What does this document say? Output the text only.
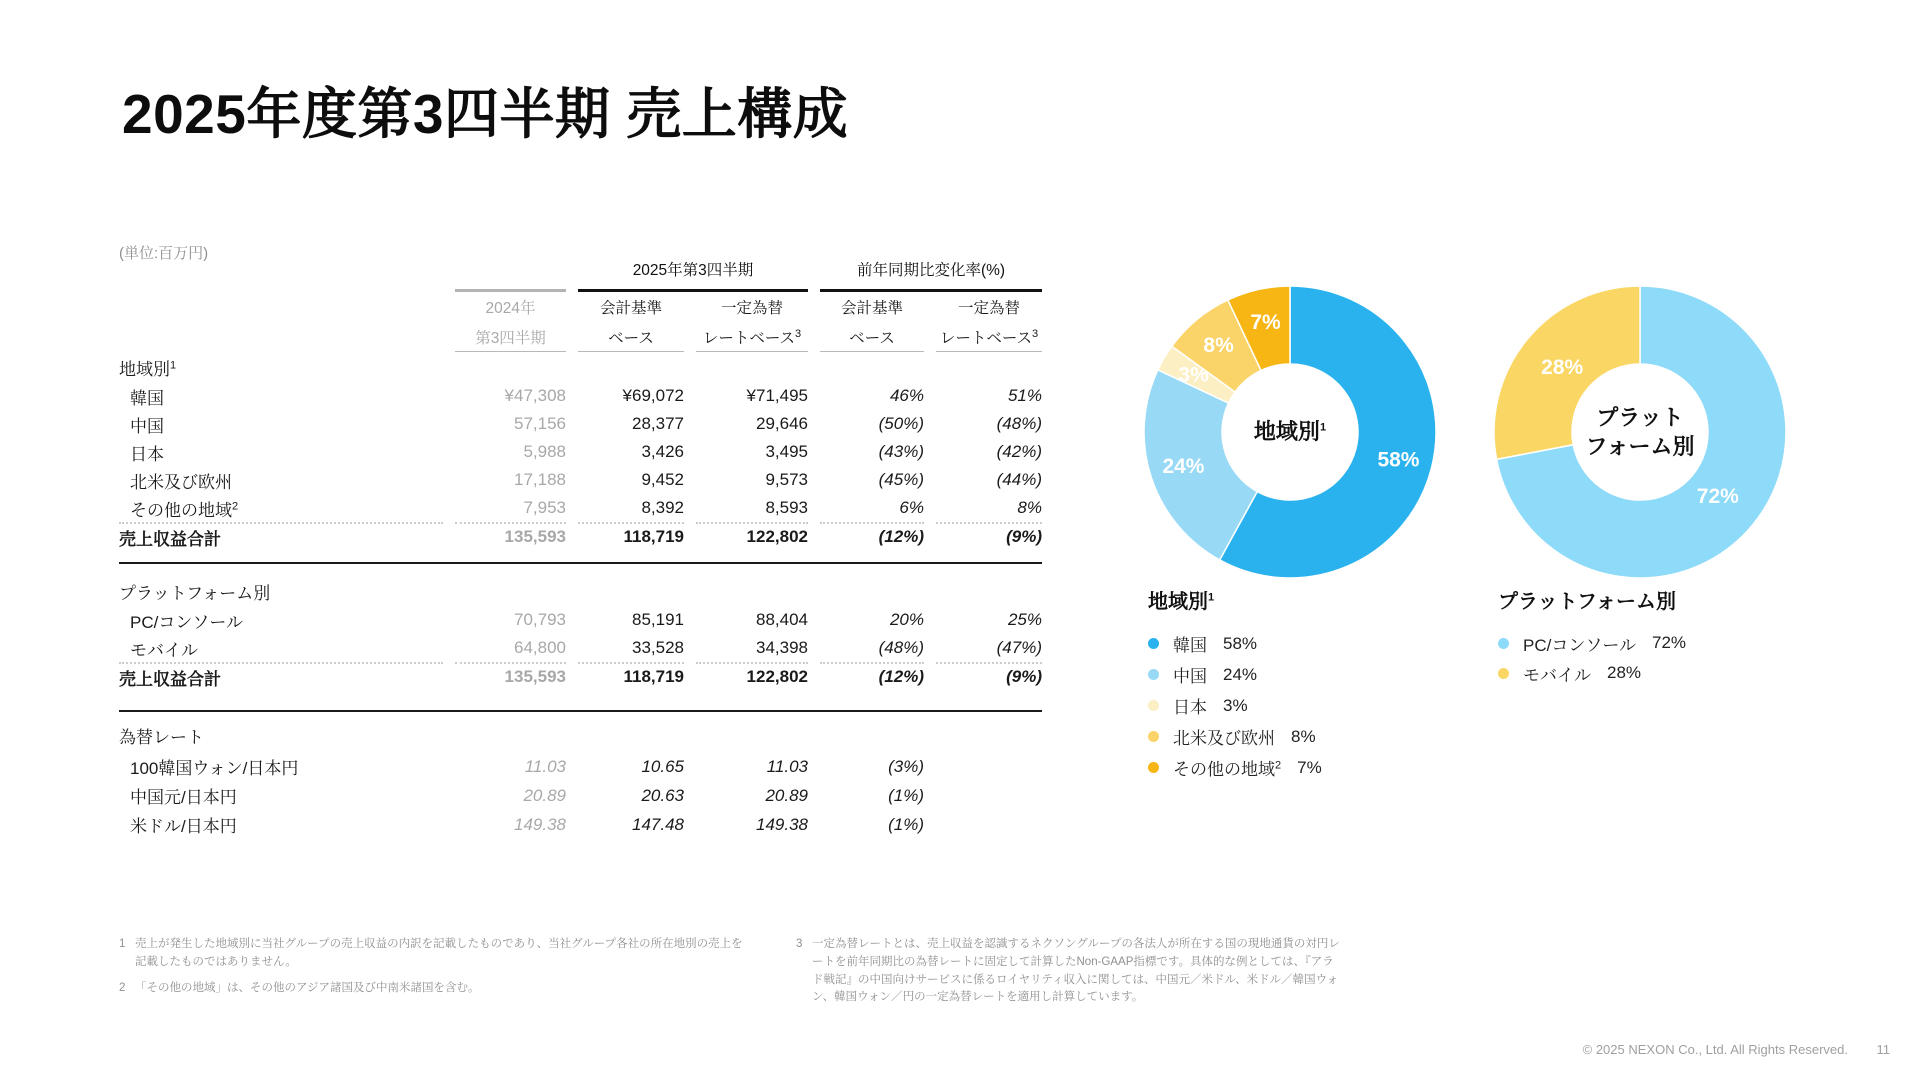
2025年度第3四半期 売上構成
(単位:百万円)
		2025年第3四半期		前年同期比変化率(%)	
	2024年	会計基準	一定為替	会計基準	一定為替
	第3四半期	ベース	レートベース$^3$	ベース	レートベース$^3$
地域別$^1$
韓国	¥47,308	¥69,072	¥71,495	46%	51%
中国	57,156	28,377	29,646	(50%)	(48%)
日本	5,988	3,426	3,495	(43%)	(42%)
北米及び欧州	17,188	9,452	9,573	(45%)	(44%)
その他の地域$^2$	7,953	8,392	8,593	6%	8%
売上収益合計	135,593	118,719	122,802	(12%)	(9%)

プラットフォーム別					
PC/コンソール	70,793	85,191	88,404	20%	25%
モバイル	64,800	33,528	34,398	(48%)	(47%)
売上収益合計	135,593	118,719	122,802	(12%)	(9%)

為替レート					
100韓国ウォン/日本円	11.03	10.65	11.03	(3%)	
中国元/日本円	20.89	20.63	20.89	(1%)	
米ドル/日本円	149.38	147.48	149.38	(1%)	
58%
24%
3%
8%
7%
地域別$^1$
72%
28%
プラット
フォーム別
地域別$^1$
韓国 58%
中国 24%
日本 3%
北米及び欧州 8%
その他の地域$^2$ 7%
プラットフォーム別
PC/コンソール 72%
モバイル 28%
1 売上が発生した地域別に当社グループの売上収益の内訳を記載したものであり、当社グループ各社の所在地別の売上を記載したものではありません。
2 「その他の地域」は、その他のアジア諸国及び中南米諸国を含む。
3 一定為替レートとは、売上収益を認識するネクソングループの各法人が所在する国の現地通貨の対円レートを前年同期比の為替レートに固定して計算したNon-GAAP指標です。具体的な例としては、『アラド戦記』の中国向けサービスに係るロイヤリティ収入に関しては、中国元／米ドル、米ドル／韓国ウォン、韓国ウォン／円の一定為替レートを適用し計算しています。
© 2025 NEXON Co., Ltd. All Rights Reserved. 11
